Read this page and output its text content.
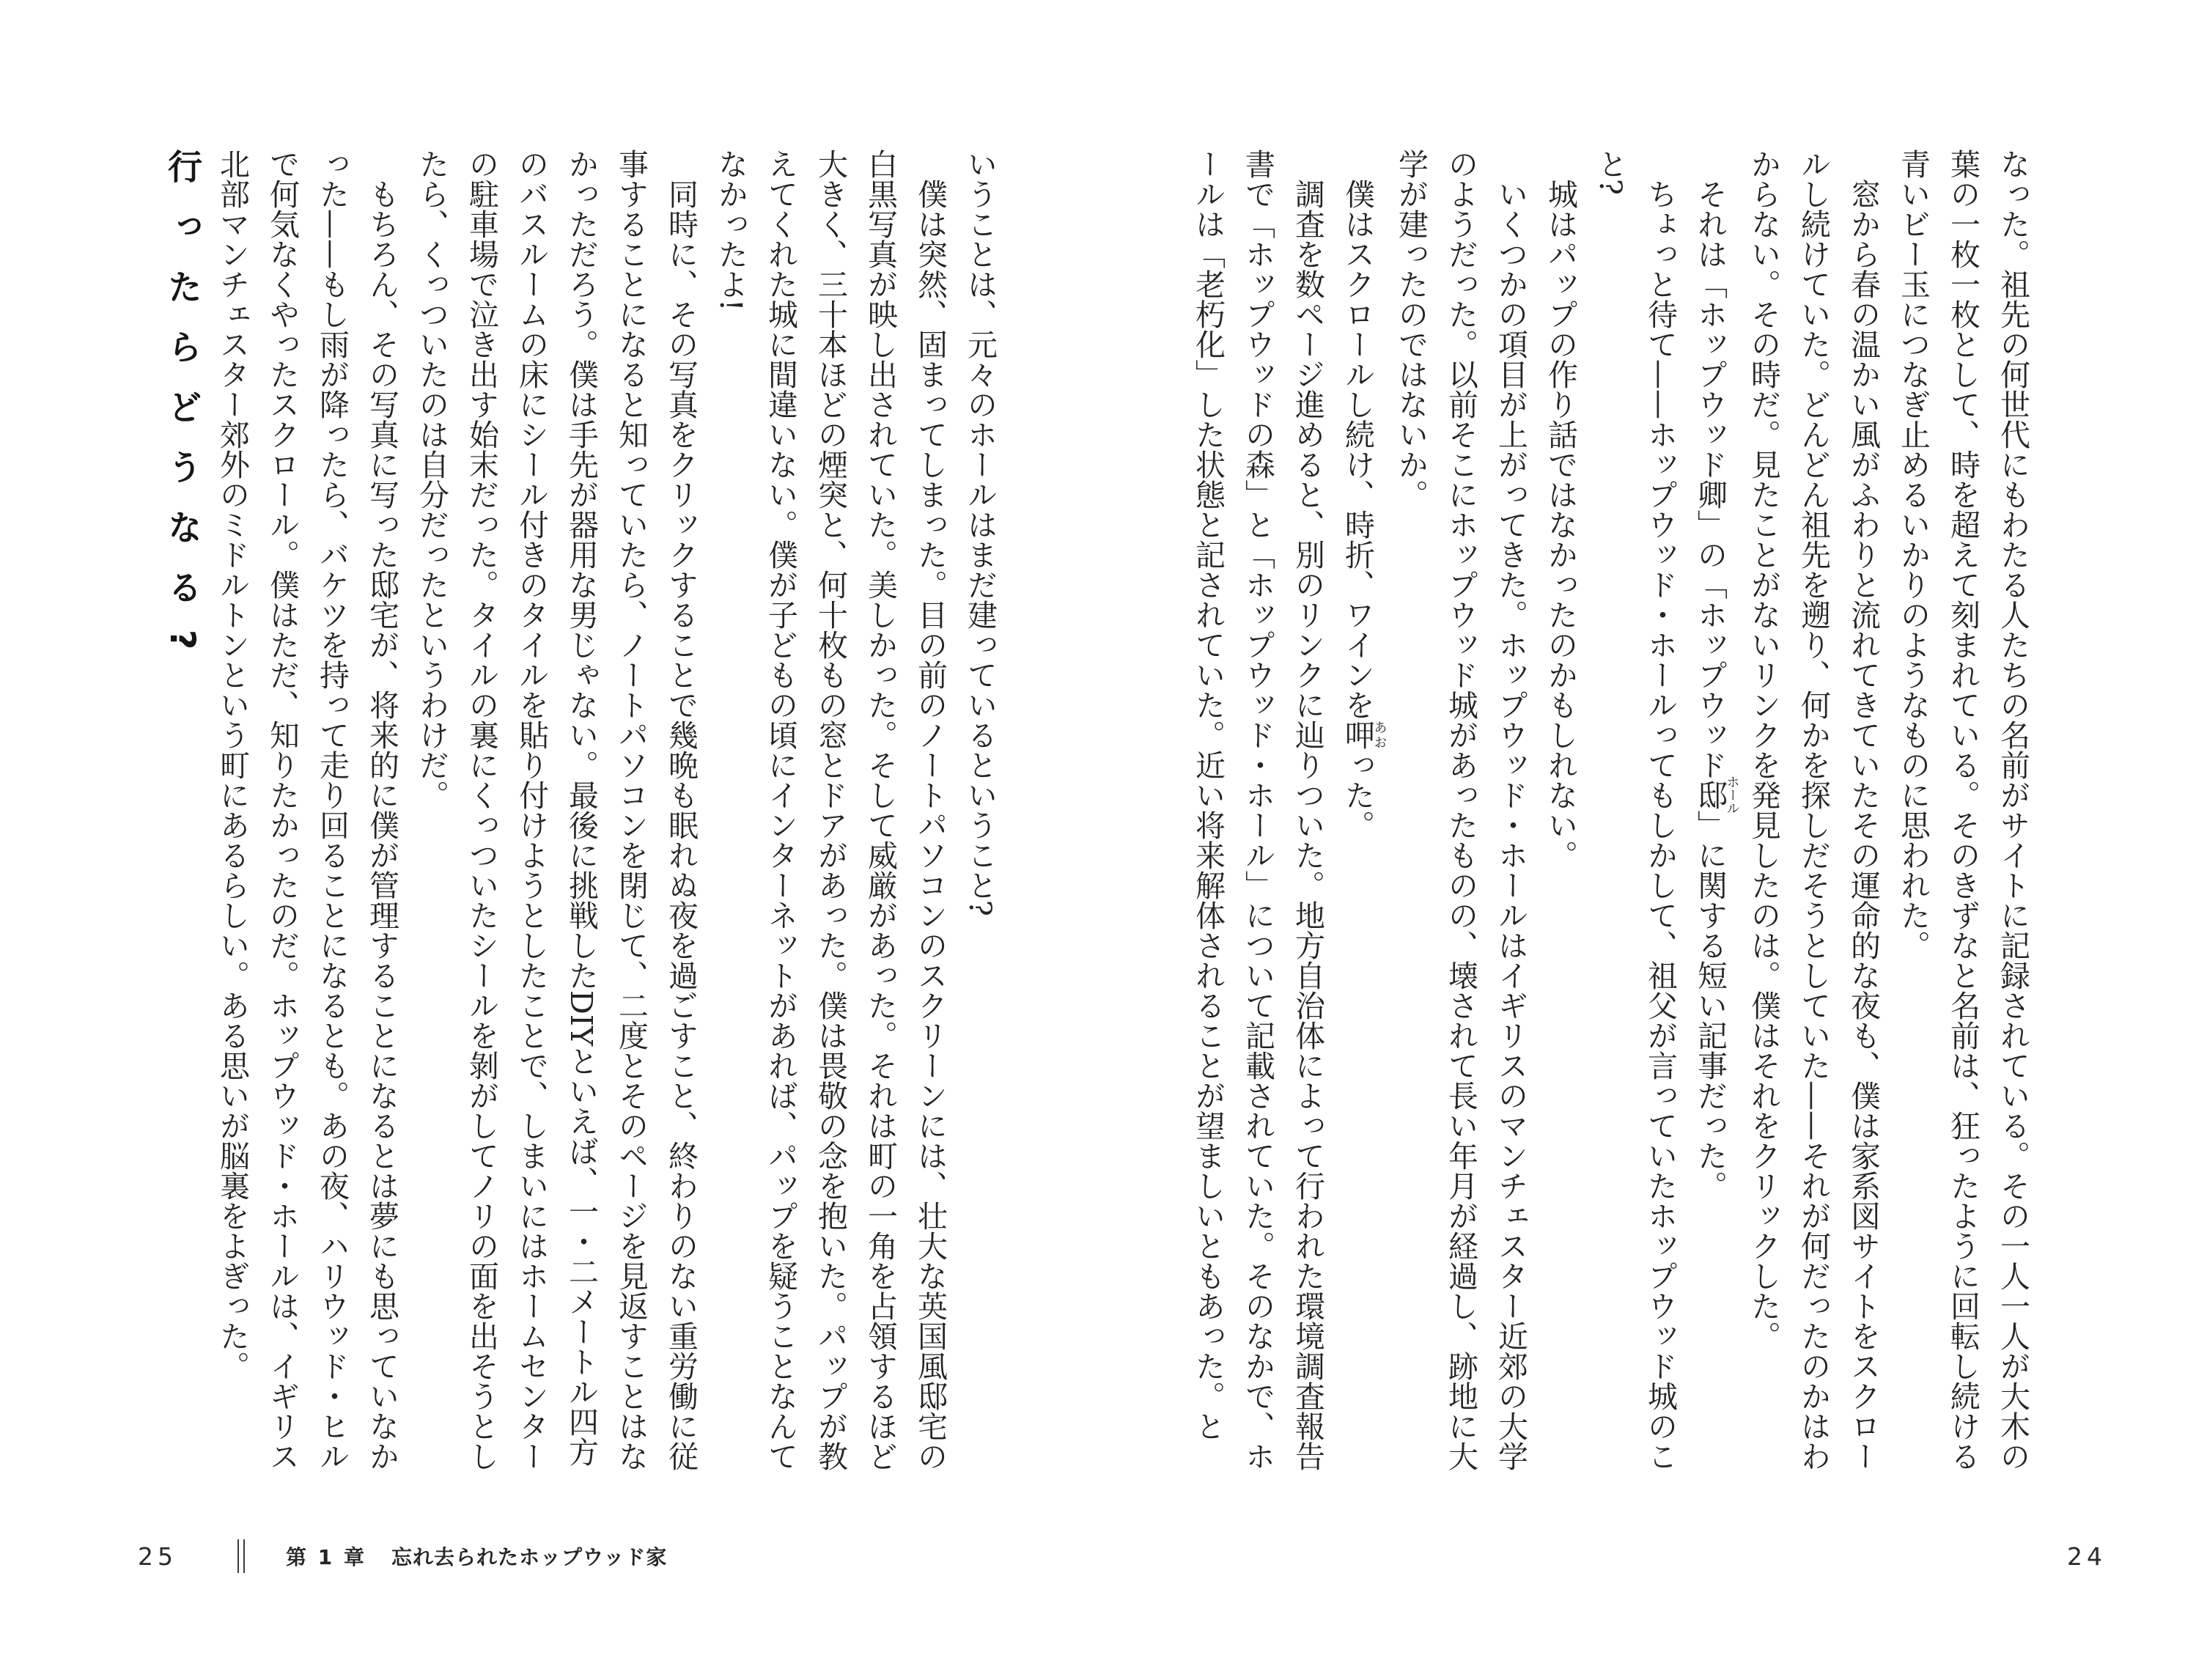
なった。祖先の何世代にもわたる人たちの名前がサイトに記録されている。その一人一人が大木の葉の一枚一枚として、時を超えて刻まれている。そのきずなと名前は、狂ったように回転し続ける青いビー玉につなぎ止めるいかりのようなものに思われた。

窓から春の温かい風がふわりと流れてきていたその運命的な夜も、僕は家系図サイトをスクロールし続けていた。どんどん祖先を遡り、何かを探しだそうとしていた——それが何だったのかはわからない。その時だ。見たことがないリンクを発見したのは。僕はそれをクリックした。

それは「ホップウッド卿」の「ホップウッド邸ホール」に関する短い記事だった。

ちょっと待て——ホップウッド・ホールってもしかして、祖父が言っていたホップウッド城のこと?

城はパップの作り話ではなかったのかもしれない。

いくつかの項目が上がってきた。ホップウッド・ホールはイギリスのマンチェスター近郊の大学のようだった。以前そこにホップウッド城があったものの、壊されて長い年月が経過し、跡地に大学が建ったのではないか。

僕はスクロールし続け、時折、ワインを呷あおった。

調査を数ページ進めると、別のリンクに辿りついた。地方自治体によって行われた環境調査報告書で「ホップウッドの森」と「ホップウッド・ホール」について記載されていた。そのなかで、ホールは「老朽化」した状態と記されていた。近い将来解体されることが望ましいともあった。と

いうことは、元々のホールはまだ建っているということ?

僕は突然、固まってしまった。目の前のノートパソコンのスクリーンには、壮大な英国風邸宅の白黒写真が映し出されていた。美しかった。そして威厳があった。それは町の一角を占領するほど大きく、三十本ほどの煙突と、何十枚もの窓とドアがあった。僕は畏敬の念を抱いた。パップが教えてくれた城に間違いない。僕が子どもの頃にインターネットがあれば、パップを疑うことなんてなかったよ!

同時に、その写真をクリックすることで幾晩も眠れぬ夜を過ごすこと、終わりのない重労働に従事することになると知っていたら、ノートパソコンを閉じて、二度とそのページを見返すことはなかっただろう。僕は手先が器用な男じゃない。最後に挑戦したDIYといえば、一・二メートル四方のバスルームの床にシール付きのタイルを貼り付けようとしたことで、しまいにはホームセンターの駐車場で泣き出す始末だった。タイルの裏にくっついたシールを剝がしてノリの面を出そうとしたら、くっついたのは自分だったというわけだ。

もちろん、その写真に写った邸宅が、将来的に僕が管理することになるとは夢にも思っていなかった——もし雨が降ったら、バケツを持って走り回ることになるとも。あの夜、ハリウッド・ヒルで何気なくやったスクロール。僕はただ、知りたかったのだ。ホップウッド・ホールは、イギリス北部マンチェスター郊外のミドルトンという町にあるらしい。ある思いが脳裏をよぎった。

行ったらどうなる?

25	第 1 章 忘れ去られたホップウッド家	24
